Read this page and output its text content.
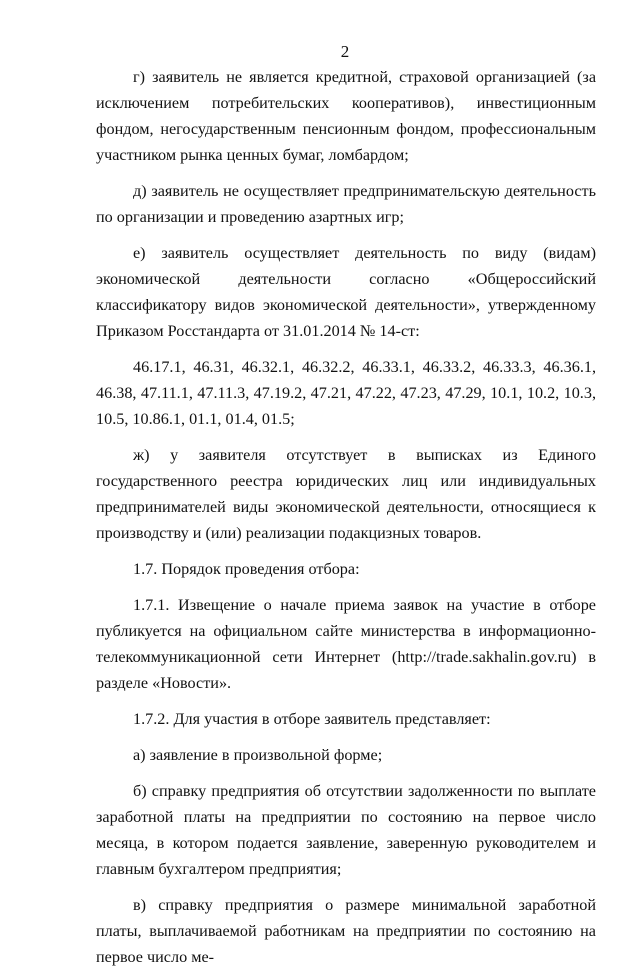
2

г) заявитель не является кредитной, страховой организацией (за исключением потребительских кооперативов), инвестиционным фондом, негосударственным пенсионным фондом, профессиональным участником рынка ценных бумаг, ломбардом;

д) заявитель не осуществляет предпринимательскую деятельность по организации и проведению азартных игр;

е) заявитель осуществляет деятельность по виду (видам) экономической деятельности согласно «Общероссийский классификатору видов экономической деятельности», утвержденному Приказом Росстандарта от 31.01.2014 № 14-ст:

46.17.1, 46.31, 46.32.1, 46.32.2, 46.33.1, 46.33.2, 46.33.3, 46.36.1, 46.38, 47.11.1, 47.11.3, 47.19.2, 47.21, 47.22, 47.23, 47.29, 10.1, 10.2, 10.3, 10.5, 10.86.1, 01.1, 01.4, 01.5;

ж) у заявителя отсутствует в выписках из Единого государственного реестра юридических лиц или индивидуальных предпринимателей виды экономической деятельности, относящиеся к производству и (или) реализации подакцизных товаров.

1.7. Порядок проведения отбора:

1.7.1. Извещение о начале приема заявок на участие в отборе публикуется на официальном сайте министерства в информационно-телекоммуникационной сети Интернет (http://trade.sakhalin.gov.ru) в разделе «Новости».

1.7.2. Для участия в отборе заявитель представляет:

а) заявление в произвольной форме;

б) справку предприятия об отсутствии задолженности по выплате заработной платы на предприятии по состоянию на первое число месяца, в котором подается заявление, заверенную руководителем и главным бухгалтером предприятия;

в) справку предприятия о размере минимальной заработной платы, выплачиваемой работникам на предприятии по состоянию на первое число ме-
